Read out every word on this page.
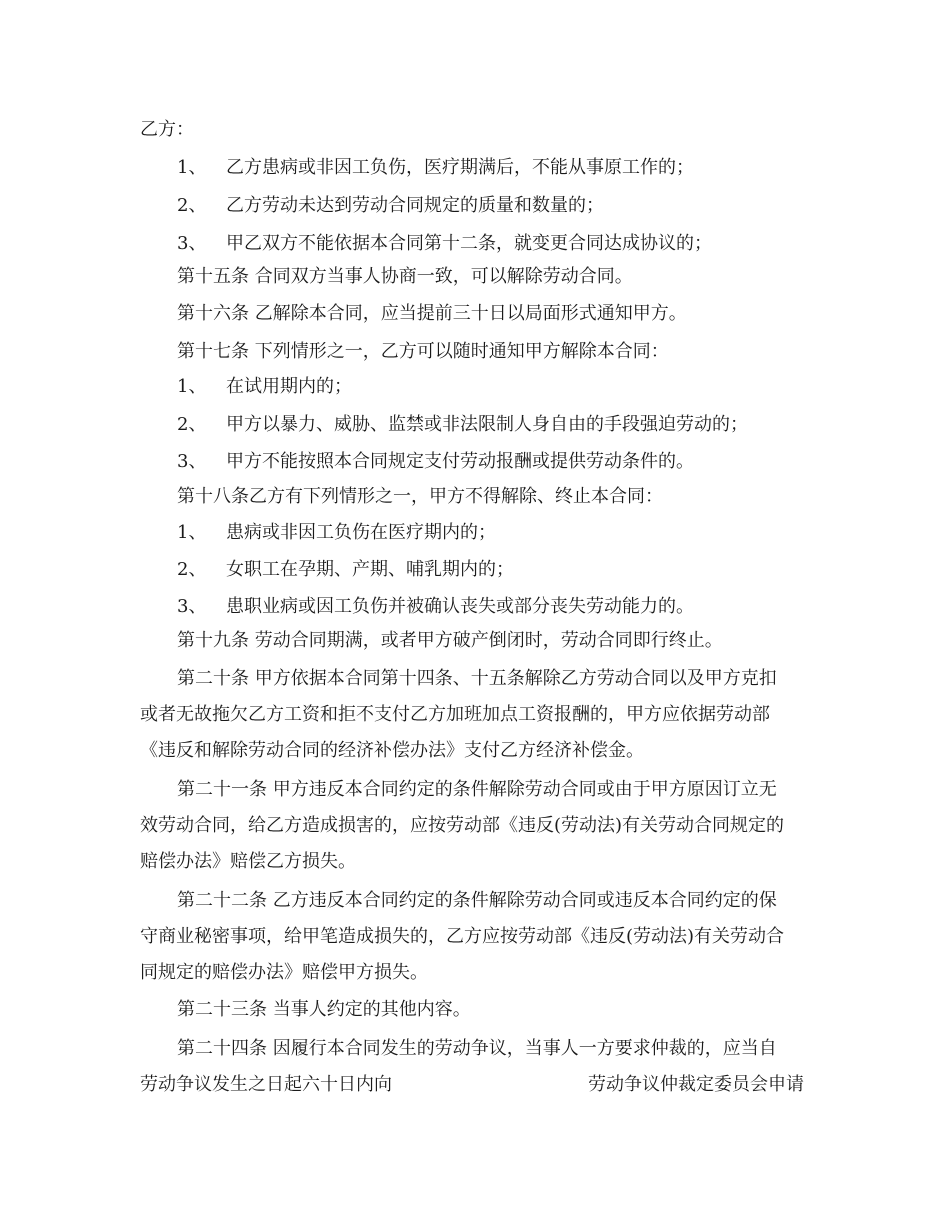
乙方：
1、 乙方患病或非因工负伤，医疗期满后，不能从事原工作的；
2、 乙方劳动未达到劳动合同规定的质量和数量的；
3、 甲乙双方不能依据本合同第十二条，就变更合同达成协议的；
第十五条 合同双方当事人协商一致，可以解除劳动合同。
第十六条 乙解除本合同，应当提前三十日以局面形式通知甲方。
第十七条 下列情形之一，乙方可以随时通知甲方解除本合同：
1、 在试用期内的；
2、 甲方以暴力、威胁、监禁或非法限制人身自由的手段强迫劳动的；
3、 甲方不能按照本合同规定支付劳动报酬或提供劳动条件的。
第十八条乙方有下列情形之一，甲方不得解除、终止本合同：
1、 患病或非因工负伤在医疗期内的；
2、 女职工在孕期、产期、哺乳期内的；
3、 患职业病或因工负伤并被确认丧失或部分丧失劳动能力的。
第十九条 劳动合同期满，或者甲方破产倒闭时，劳动合同即行终止。
第二十条 甲方依据本合同第十四条、十五条解除乙方劳动合同以及甲方克扣
或者无故拖欠乙方工资和拒不支付乙方加班加点工资报酬的，甲方应依据劳动部
《违反和解除劳动合同的经济补偿办法》支付乙方经济补偿金。
第二十一条 甲方违反本合同约定的条件解除劳动合同或由于甲方原因订立无
效劳动合同，给乙方造成损害的，应按劳动部《违反(劳动法)有关劳动合同规定的
赔偿办法》赔偿乙方损失。
第二十二条 乙方违反本合同约定的条件解除劳动合同或违反本合同约定的保
守商业秘密事项，给甲笔造成损失的，乙方应按劳动部《违反(劳动法)有关劳动合
同规定的赔偿办法》赔偿甲方损失。
第二十三条 当事人约定的其他内容。
第二十四条 因履行本合同发生的劳动争议，当事人一方要求仲裁的，应当自
劳动争议发生之日起六十日内向	劳动争议仲裁定委员会申请
